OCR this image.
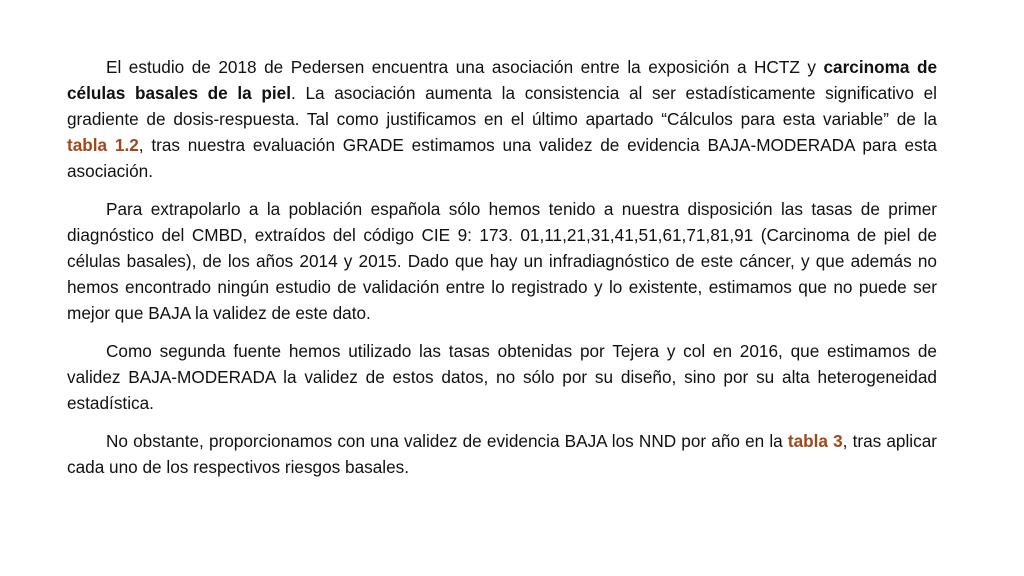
El estudio de 2018 de Pedersen encuentra una asociación entre la exposición a HCTZ y carcinoma de células basales de la piel. La asociación aumenta la consistencia al ser estadísticamente significativo el gradiente de dosis-respuesta. Tal como justificamos en el último apartado “Cálculos para esta variable” de la tabla 1.2, tras nuestra evaluación GRADE estimamos una validez de evidencia BAJA-MODERADA para esta asociación.

Para extrapolarlo a la población española sólo hemos tenido a nuestra disposición las tasas de primer diagnóstico del CMBD, extraídos del código CIE 9: 173. 01,11,21,31,41,51,61,71,81,91 (Carcinoma de piel de células basales), de los años 2014 y 2015. Dado que hay un infradiagnóstico de este cáncer, y que además no hemos encontrado ningún estudio de validación entre lo registrado y lo existente, estimamos que no puede ser mejor que BAJA la validez de este dato.

Como segunda fuente hemos utilizado las tasas obtenidas por Tejera y col en 2016, que estimamos de validez BAJA-MODERADA la validez de estos datos, no sólo por su diseño, sino por su alta heterogeneidad estadística.

No obstante, proporcionamos con una validez de evidencia BAJA los NND por año en la tabla 3, tras aplicar cada uno de los respectivos riesgos basales.
